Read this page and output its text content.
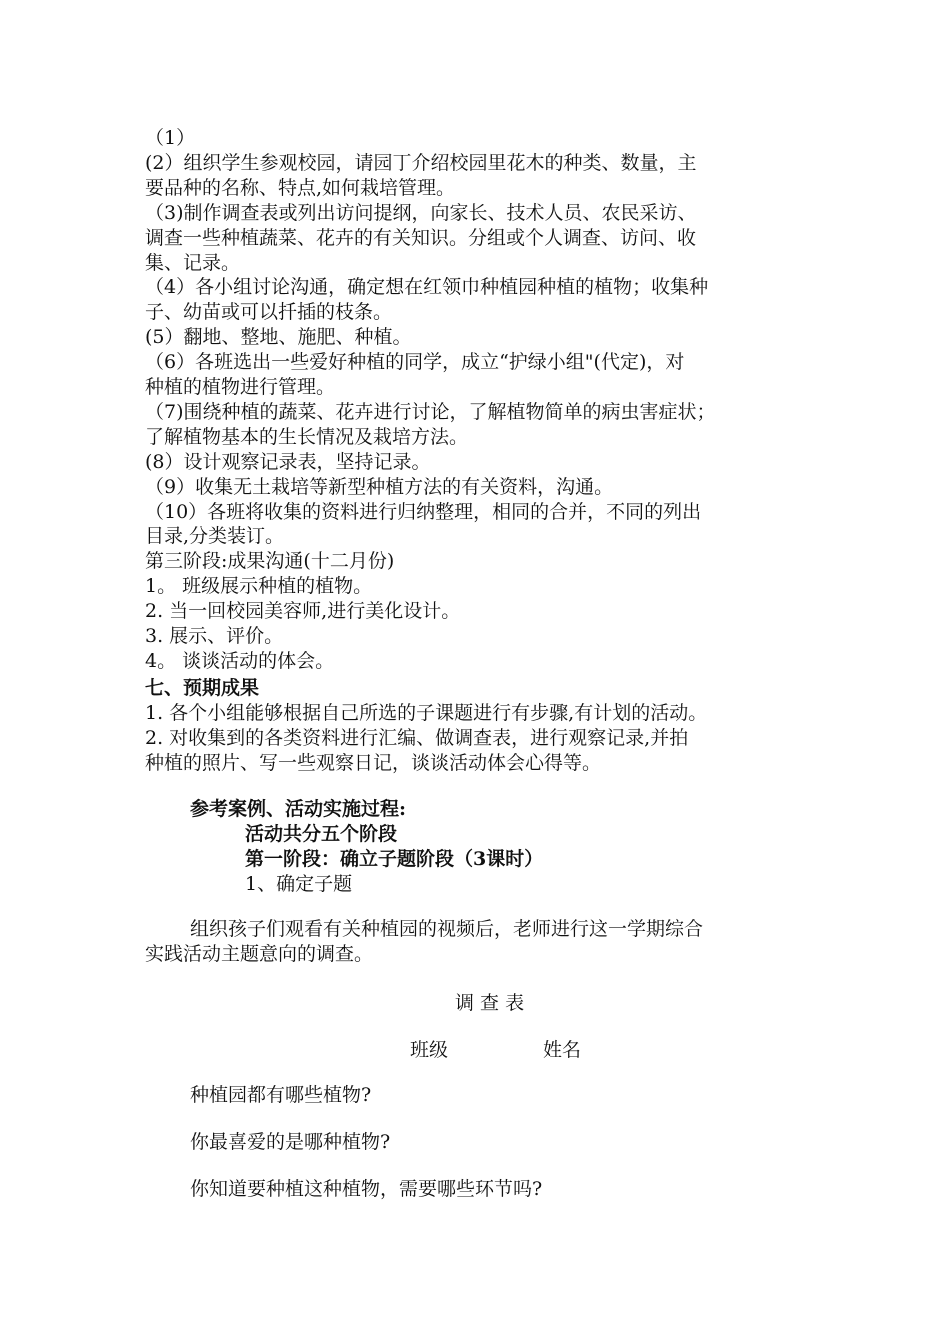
（1）
(2）组织学生参观校园，请园丁介绍校园里花木的种类、数量，主
要品种的名称、特点,如何栽培管理。
（3)制作调查表或列出访问提纲，向家长、技术人员、农民采访、
调查一些种植蔬菜、花卉的有关知识。分组或个人调查、访问、收
集、记录。
（4）各小组讨论沟通，确定想在红领巾种植园种植的植物；收集种
子、幼苗或可以扦插的枝条。
(5）翻地、整地、施肥、种植。
（6）各班选出一些爱好种植的同学，成立“护绿小组"(代定)，对
种植的植物进行管理。
（7)围绕种植的蔬菜、花卉进行讨论，了解植物简单的病虫害症状；
了解植物基本的生长情况及栽培方法。
(8）设计观察记录表，坚持记录。
（9）收集无土栽培等新型种植方法的有关资料，沟通。
（10）各班将收集的资料进行归纳整理，相同的合并，不同的列出
目录,分类装订。
第三阶段:成果沟通(十二月份)
1。 班级展示种植的植物。
2. 当一回校园美容师,进行美化设计。
3. 展示、评价。
4。 谈谈活动的体会。
七、预期成果
1. 各个小组能够根据自己所选的子课题进行有步骤,有计划的活动。
2. 对收集到的各类资料进行汇编、做调查表，进行观察记录,并拍
种植的照片、写一些观察日记，谈谈活动体会心得等。
参考案例、活动实施过程:
活动共分五个阶段
第一阶段：确立子题阶段（3课时）
1、确定子题
组织孩子们观看有关种植园的视频后，老师进行这一学期综合
实践活动主题意向的调查。
调 查 表
班级	姓名
种植园都有哪些植物?
你最喜爱的是哪种植物?
你知道要种植这种植物，需要哪些环节吗?
